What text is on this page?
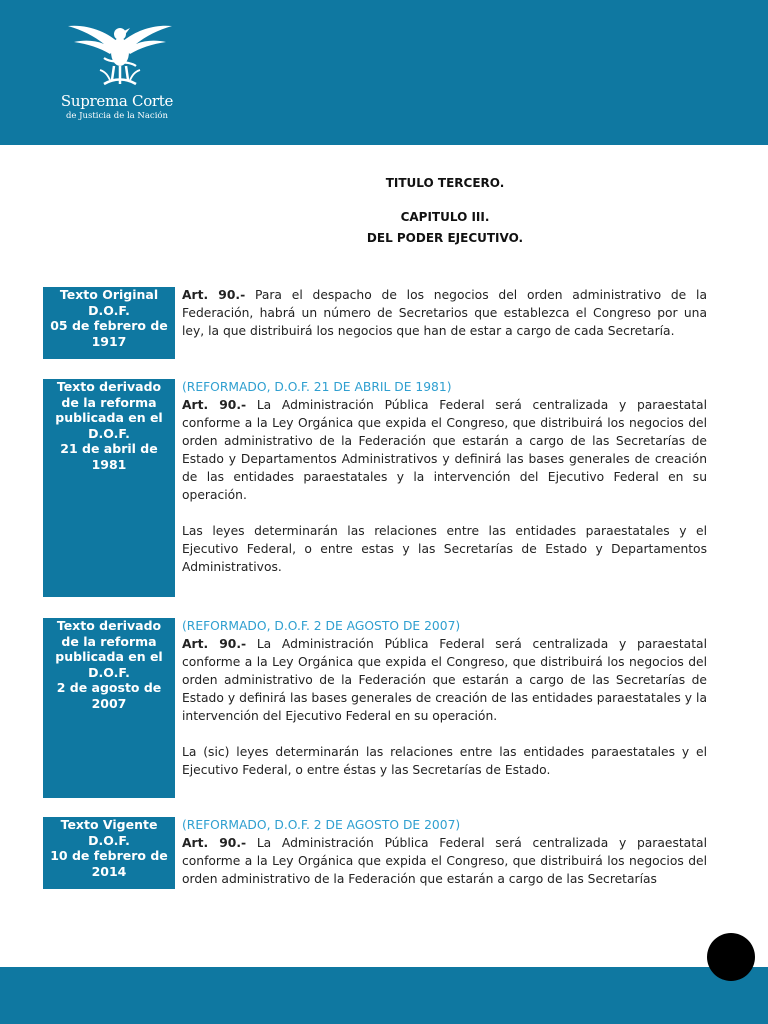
Suprema Corte
de Justicia de la Nación
TITULO TERCERO.
CAPITULO III.
DEL PODER EJECUTIVO.
Texto Original
D.O.F.
05 de febrero de
1917

Art. 90.- Para el despacho de los negocios del orden administrativo de la Federación, habrá un número de Secretarios que establezca el Congreso por una ley, la que distribuirá los negocios que han de estar a cargo de cada Secretaría.

Texto derivado
de la reforma
publicada en el
D.O.F.
21 de abril de
1981
(REFORMADO, D.O.F. 21 DE ABRIL DE 1981)

Art. 90.- La Administración Pública Federal será centralizada y paraestatal conforme a la Ley Orgánica que expida el Congreso, que distribuirá los negocios del orden administrativo de la Federación que estarán a cargo de las Secretarías de Estado y Departamentos Administrativos y definirá las bases generales de creación de las entidades paraestatales y la intervención del Ejecutivo Federal en su operación.

Las leyes determinarán las relaciones entre las entidades paraestatales y el Ejecutivo Federal, o entre estas y las Secretarías de Estado y Departamentos Administrativos.

Texto derivado
de la reforma
publicada en el
D.O.F.
2 de agosto de
2007
(REFORMADO, D.O.F. 2 DE AGOSTO DE 2007)

Art. 90.- La Administración Pública Federal será centralizada y paraestatal conforme a la Ley Orgánica que expida el Congreso, que distribuirá los negocios del orden administrativo de la Federación que estarán a cargo de las Secretarías de Estado y definirá las bases generales de creación de las entidades paraestatales y la intervención del Ejecutivo Federal en su operación.

La (sic) leyes determinarán las relaciones entre las entidades paraestatales y el Ejecutivo Federal, o entre éstas y las Secretarías de Estado.

Texto Vigente
D.O.F.
10 de febrero de
2014
(REFORMADO, D.O.F. 2 DE AGOSTO DE 2007)

Art. 90.- La Administración Pública Federal será centralizada y paraestatal conforme a la Ley Orgánica que expida el Congreso, que distribuirá los negocios del orden administrativo de la Federación que estarán a cargo de las Secretarías
